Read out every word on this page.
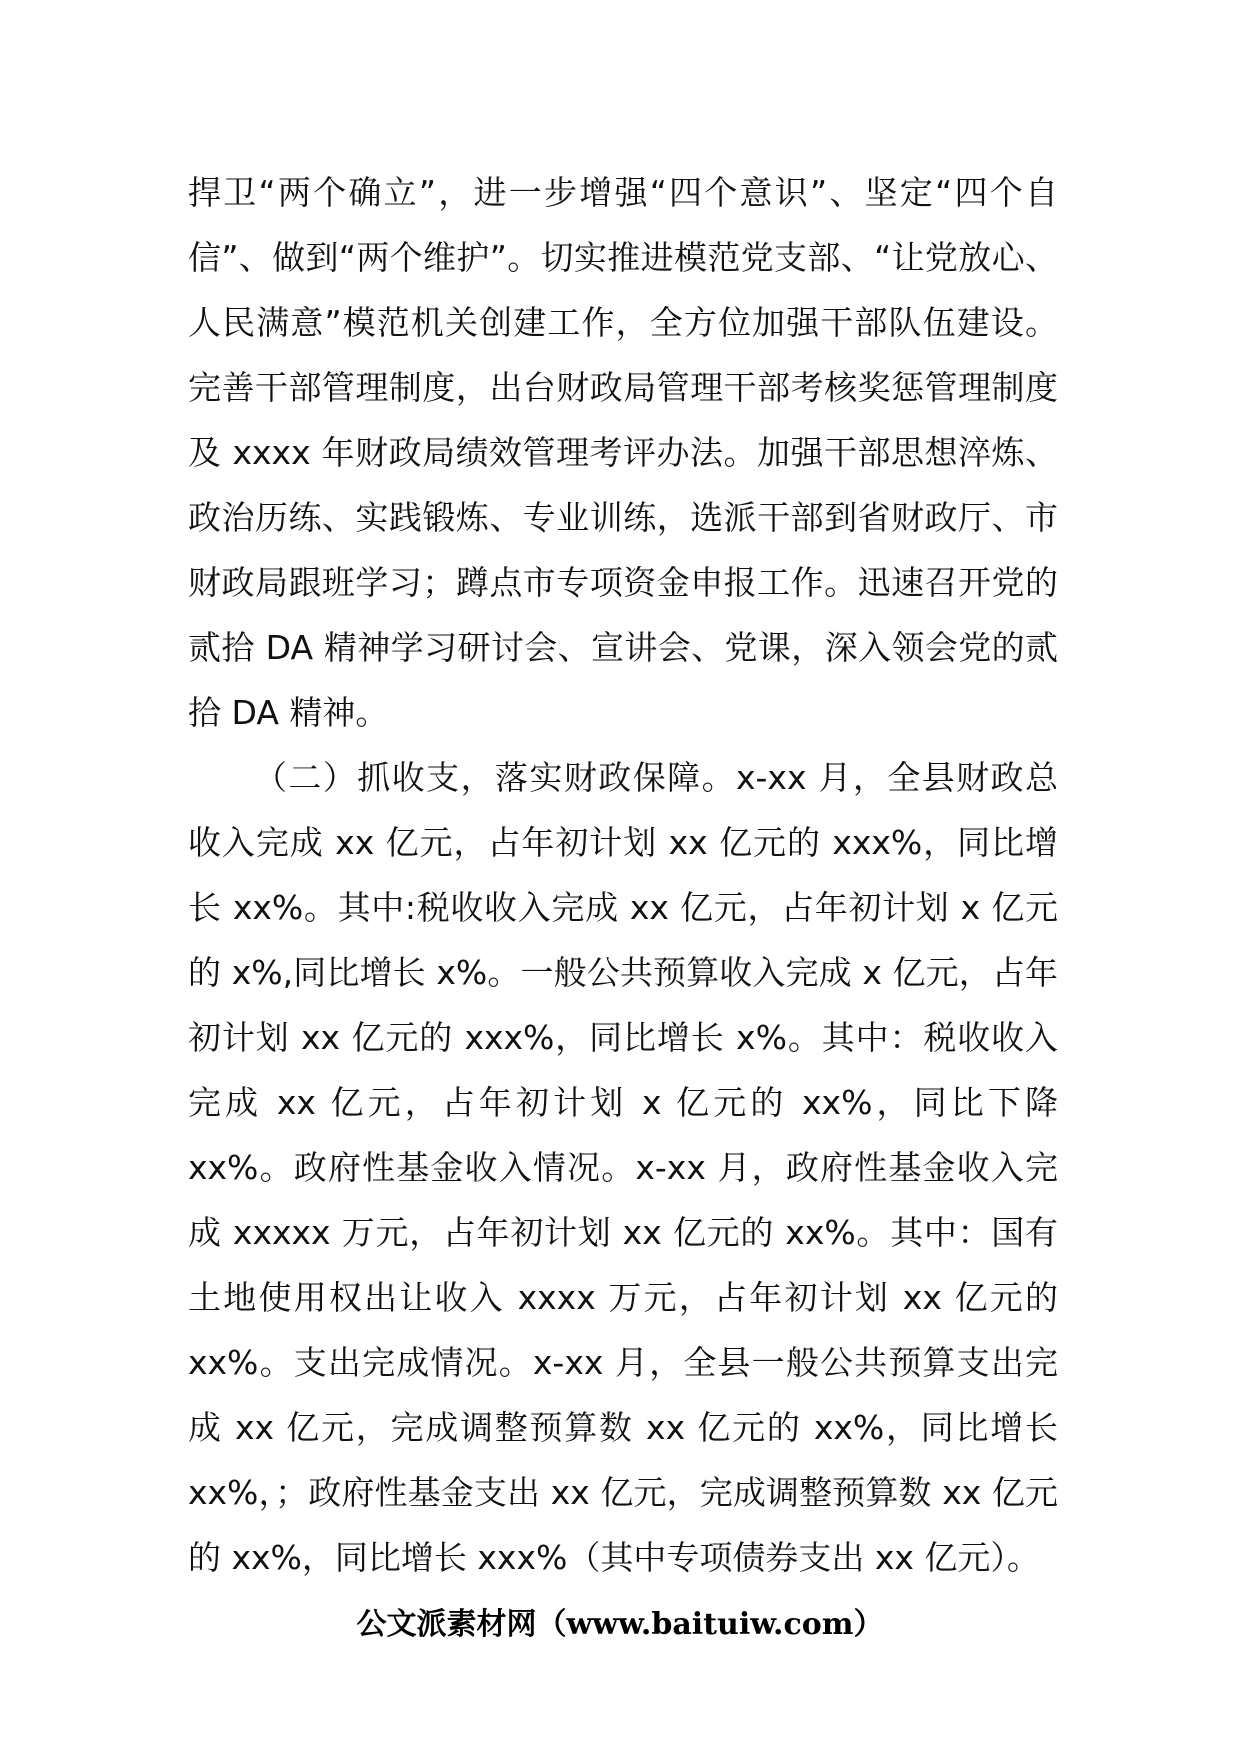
捍卫“两个确立”，进一步增强“四个意识”、坚定“四个自信”、做到“两个维护”。切实推进模范党支部、“让党放心、人民满意”模范机关创建工作，全方位加强干部队伍建设。完善干部管理制度，出台财政局管理干部考核奖惩管理制度及 xxxx 年财政局绩效管理考评办法。加强干部思想淬炼、政治历练、实践锻炼、专业训练，选派干部到省财政厅、市财政局跟班学习；蹲点市专项资金申报工作。迅速召开党的贰拾 DA 精神学习研讨会、宣讲会、党课，深入领会党的贰拾 DA 精神。

（二）抓收支，落实财政保障。x-xx 月，全县财政总收入完成 xx 亿元，占年初计划 xx 亿元的 xxx%，同比增长 xx%。其中:税收收入完成 xx 亿元，占年初计划 x 亿元的 x%,同比增长 x%。一般公共预算收入完成 x 亿元，占年初计划 xx 亿元的 xxx%，同比增长 x%。其中：税收收入完成 xx 亿元，占年初计划 x 亿元的 xx%，同比下降 xx%。政府性基金收入情况。x-xx 月，政府性基金收入完成 xxxxx 万元，占年初计划 xx 亿元的 xx%。其中：国有土地使用权出让收入 xxxx 万元，占年初计划 xx 亿元的 xx%。支出完成情况。x-xx 月，全县一般公共预算支出完成 xx 亿元，完成调整预算数 xx 亿元的 xx%，同比增长 xx%，；政府性基金支出 xx 亿元，完成调整预算数 xx 亿元的 xx%，同比增长 xxx%（其中专项债券支出 xx 亿元）。

公文派素材网（www.baituiw.com）
